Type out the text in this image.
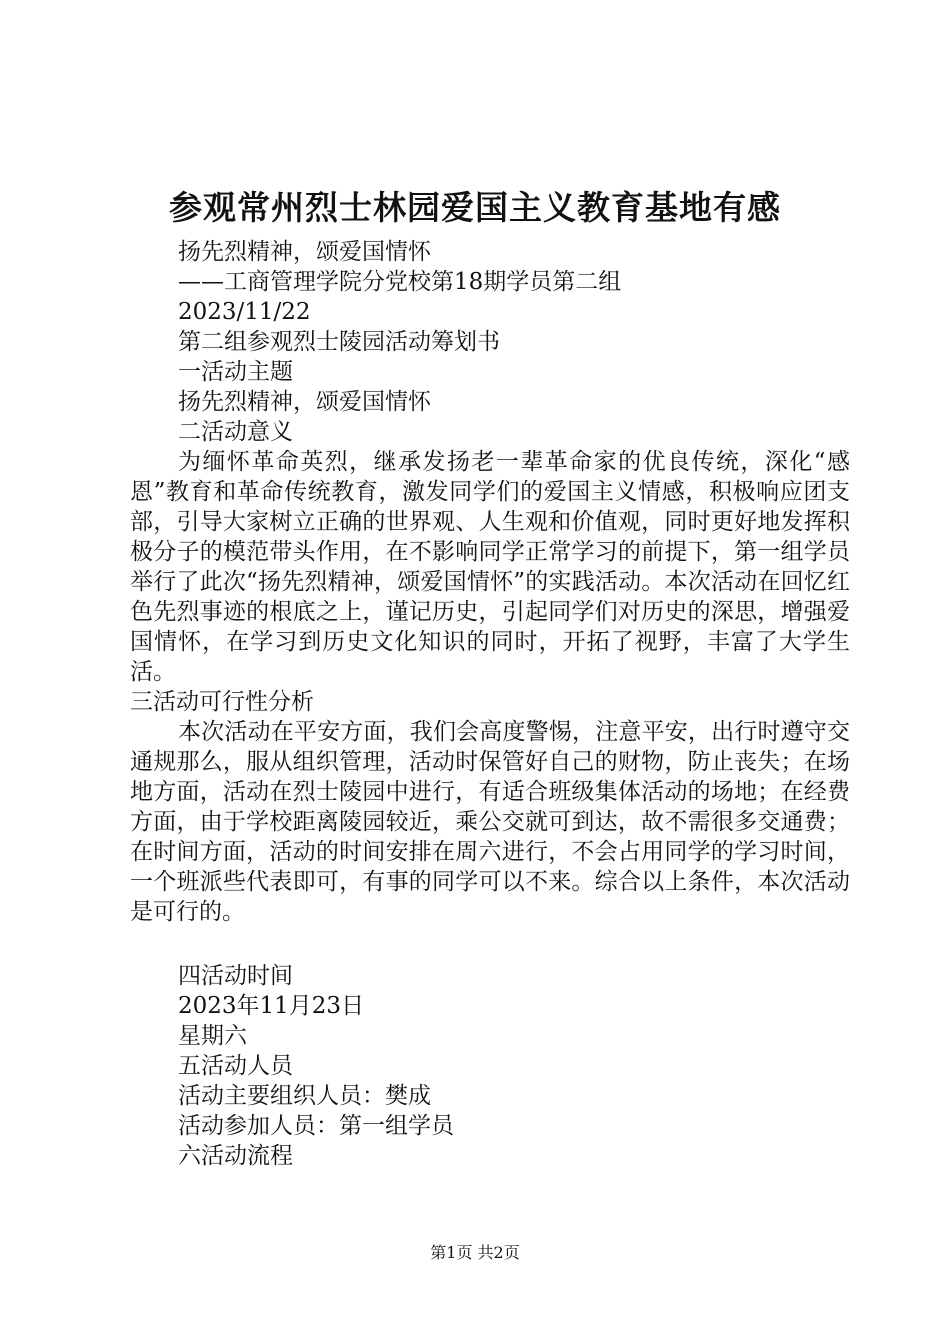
参观常州烈士林园爱国主义教育基地有感
扬先烈精神，颂爱国情怀
——工商管理学院分党校第18期学员第二组
2023/11/22
第二组参观烈士陵园活动筹划书
一活动主题
扬先烈精神，颂爱国情怀
二活动意义
为缅怀革命英烈，继承发扬老一辈革命家的优良传统，深化“感恩”教育和革命传统教育，激发同学们的爱国主义情感，积极响应团支部，引导大家树立正确的世界观、人生观和价值观，同时更好地发挥积极分子的模范带头作用，在不影响同学正常学习的前提下，第一组学员举行了此次“扬先烈精神，颂爱国情怀”的实践活动。本次活动在回忆红色先烈事迹的根底之上，谨记历史，引起同学们对历史的深思，增强爱国情怀，在学习到历史文化知识的同时，开拓了视野，丰富了大学生活。
三活动可行性分析
本次活动在平安方面，我们会高度警惕，注意平安，出行时遵守交通规那么，服从组织管理，活动时保管好自己的财物，防止丧失；在场地方面，活动在烈士陵园中进行，有适合班级集体活动的场地；在经费方面，由于学校距离陵园较近，乘公交就可到达，故不需很多交通费；在时间方面，活动的时间安排在周六进行，不会占用同学的学习时间，一个班派些代表即可，有事的同学可以不来。综合以上条件，本次活动是可行的。
四活动时间
2023年11月23日
星期六
五活动人员
活动主要组织人员：樊成
活动参加人员：第一组学员
六活动流程
第1页 共2页
